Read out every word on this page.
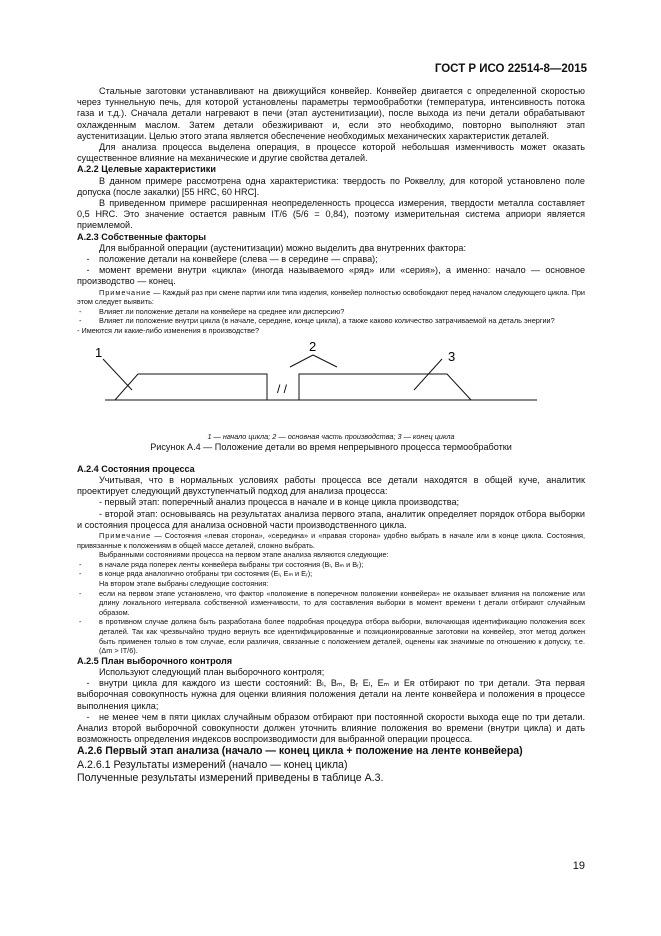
ГОСТ Р ИСО 22514-8—2015

Стальные заготовки устанавливают на движущийся конвейер. Конвейер двигается с определенной скоростью через туннельную печь, для которой установлены параметры термообработки (температура, интенсивность потока газа и т.д.). Сначала детали нагревают в печи (этап аустенитизации), после выхода из печи детали обрабатывают охлажденным маслом. Затем детали обезжиривают и, если это необходимо, повторно выполняют этап аустенитизации. Целью этого этапа является обеспечение необходимых механических характеристик деталей.

Для анализа процесса выделена операция, в процессе которой небольшая изменчивость может оказать существенное влияние на механические и другие свойства деталей.

А.2.2 Целевые характеристики

В данном примере рассмотрена одна характеристика: твердость по Роквеллу, для которой установлено поле допуска (после закалки) [55 HRC, 60 HRC].

В приведенном примере расширенная неопределенность процесса измерения, твердости металла составляет 0,5 HRC. Это значение остается равным IT/6 (5/6 = 0,84), поэтому измерительная система априори является приемлемой.

А.2.3 Собственные факторы

Для выбранной операции (аустенитизации) можно выделить два внутренних фактора:

- положение детали на конвейере (слева — в середине — справа);

- момент времени внутри «цикла» (иногда называемого «ряд» или «серия»), а именно: начало — основное производство — конец.

Примечание — Каждый раз при смене партии или типа изделия, конвейер полностью освобождают перед началом следующего цикла. При этом следует выявить:

- Влияет ли положение детали на конвейере на среднее или дисперсию?

- Влияет ли положение внутри цикла (в начале, середине, конце цикла), а также каково количество затрачиваемой на деталь энергии?

- Имеются ли какие-либо изменения в производстве?

1	2
3
/ /

1 — начало цикла; 2 — основная часть производства; 3 — конец цикла

Рисунок А.4 — Положение детали во время непрерывного процесса термообработки

А.2.4 Состояния процесса

Учитывая, что в нормальных условиях работы процесса все детали находятся в общей куче, аналитик проектирует следующий двухступенчатый подход для анализа процесса:

- первый этап: поперечный анализ процесса в начале и в конце цикла производства;

- второй этап: основываясь на результатах анализа первого этапа, аналитик определяет порядок отбора выборки и состояния процесса для анализа основной части производственного цикла.

Примечание — Состояния «левая сторона», «середина» и «правая сторона» удобно выбрать в начале или в конце цикла. Состояния, привязанные к положениям в общей массе деталей, сложно выбрать.

Выбранными состояниями процесса на первом этапе анализа являются следующие:

- в начале ряда поперек ленты конвейера выбраны три состояния (Bₗ, Bₘ и Bᵣ);

- в конце ряда аналогично отобраны три состояния (Eₗ, Eₘ и Eᵣ);

На втором этапе выбраны следующие состояния:

- если на первом этапе установлено, что фактор «положение в поперечном положении конвейера» не оказывает влияния на положение или длину локального интервала собственной изменчивости, то для составления выборки в момент времени t детали отбирают случайным образом.

- в противном случае должна быть разработана более подробная процедура отбора выборки, включающая идентификацию положения всех деталей. Так как чрезвычайно трудно вернуть все идентифицированные и позиционированные заготовки на конвейер, этот метод должен быть применен только в том случае, если различия, связанные с положением деталей, оценены как значимые по отношению к допуску, т.е. (Δm > IT/6).

А.2.5 План выборочного контроля

Используют следующий план выборочного контроля;

- внутри цикла для каждого из шести состояний: Bₗ, Bₘ, Bᵣ Eₗ, Eₘ и Eʀ отбирают по три детали. Эта первая выборочная совокупность нужна для оценки влияния положения детали на ленте конвейера и положения в процессе выполнения цикла;

- не менее чем в пяти циклах случайным образом отбирают при постоянной скорости выхода еще по три детали. Анализ второй выборочной совокупности должен уточнить влияние положения во времени (внутри цикла) и дать возможность определения индексов воспроизводимости для выбранной операции процесса.

А.2.6 Первый этап анализа (начало — конец цикла + положение на ленте конвейера)

А.2.6.1 Результаты измерений (начало — конец цикла)

Полученные результаты измерений приведены в таблице А.3.

19
